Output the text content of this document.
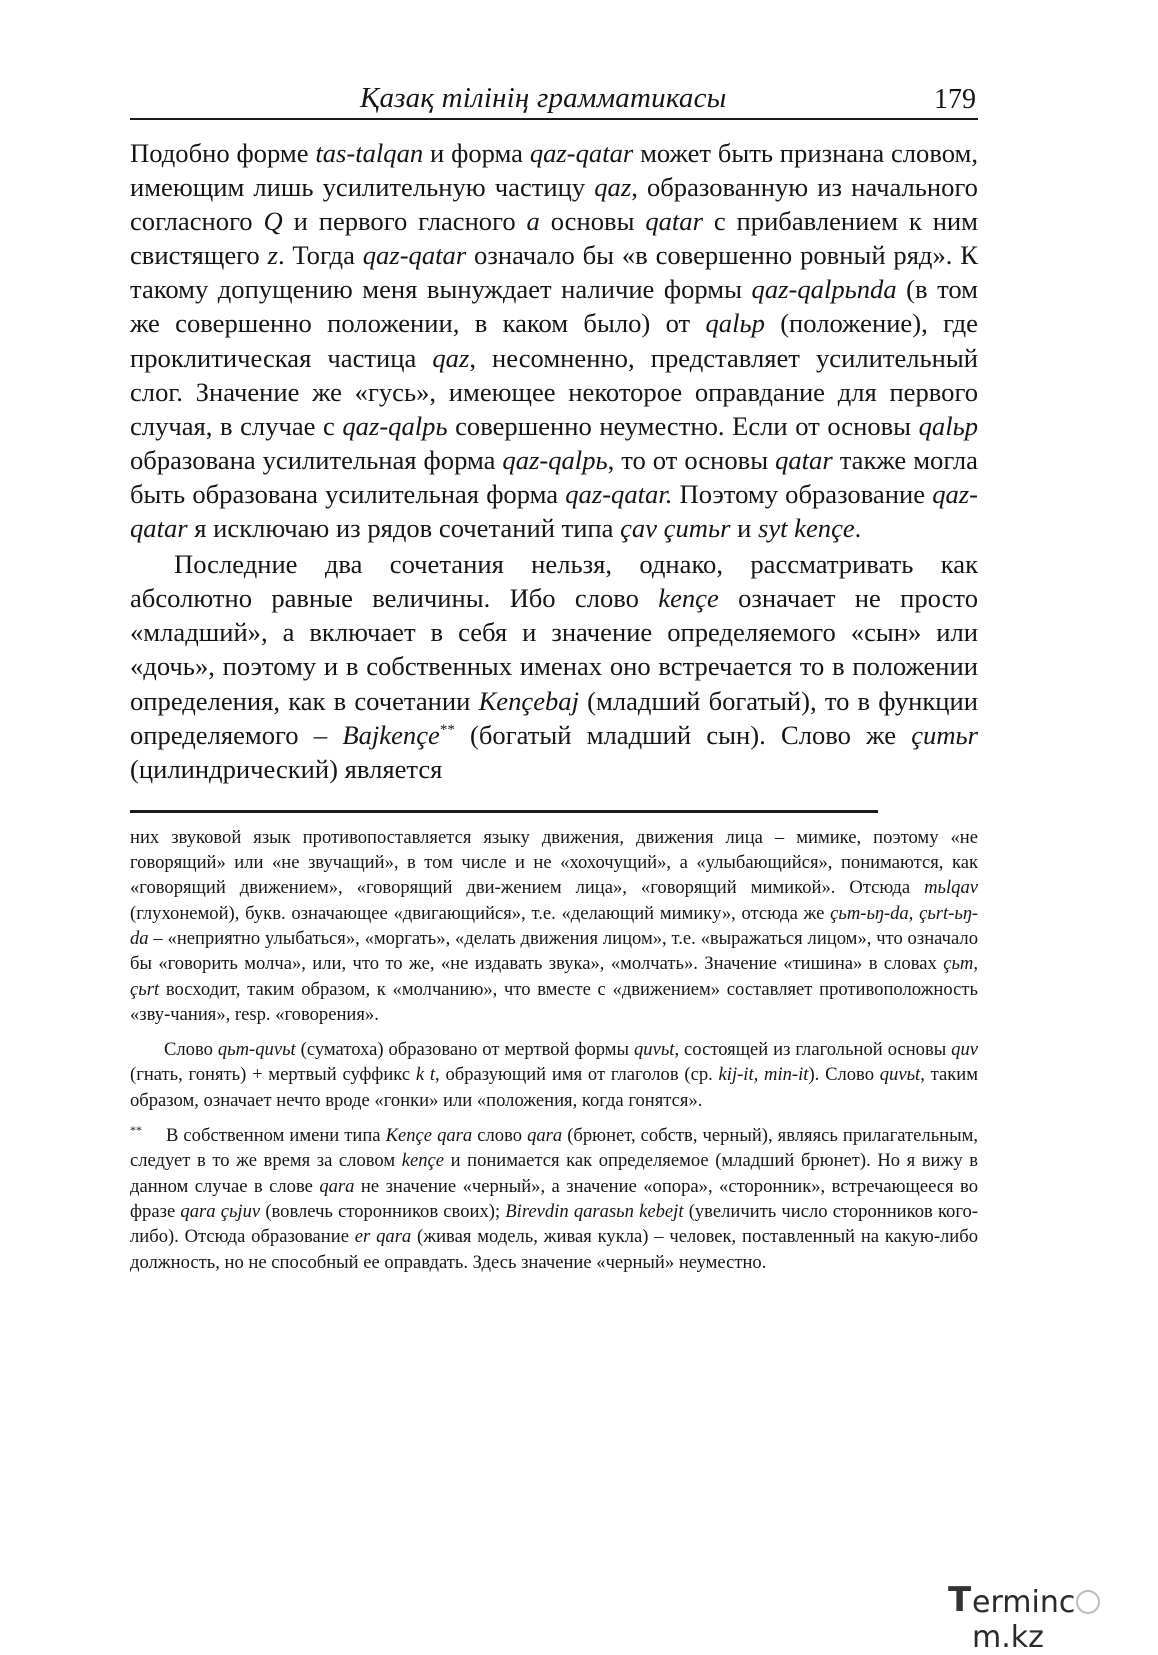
Қазақ тілінің грамматикасы	179

Подобно форме tas-talqan и форма qaz-qatar может быть признана словом, имеющим лишь усилительную частицу qaz, образованную из начального согласного Q и первого гласного a основы qatar с прибавлением к ним свистящего z. Тогда qaz-qatar означало бы «в совершенно ровный ряд». К такому допущению меня вынуждает наличие формы qaz-qalpьnda (в том же совершенно положении, в каком было) от qalьp (положение), где проклитическая частица qaz, несомненно, представляет усилительный слог. Значение же «гусь», имеющее некоторое оправдание для первого случая, в случае с qaz-qalpь совершенно неуместно. Если от основы qalьp образована усилительная форма qaz-qalpь, то от основы qatar также могла быть образована усилительная форма qaz-qatar. Поэтому образование qaz-qatar я исключаю из рядов сочетаний типа çav çumьr и syt kençe.

Последние два сочетания нельзя, однако, рассматривать как абсолютно равные величины. Ибо слово kençe означает не просто «младший», а включает в себя и значение определяемого «сын» или «дочь», поэтому и в собственных именах оно встречается то в положении определения, как в сочетании Kençebaj (младший богатый), то в функции определяемого – Bajkençe** (богатый младший сын). Слово же çumьr (цилиндрический) является

них звуковой язык противопоставляется языку движения, движения лица – мимике, поэтому «не говорящий» или «не звучащий», в том числе и не «хохочущий», а «улыбающийся», понимаются, как «говорящий движением», «говорящий дви-жением лица», «говорящий мимикой». Отсюда mьlqav (глухонемой), букв. означающее «двигающийся», т.е. «делающий мимику», отсюда же çьm-ьŋ-da, çьrt-ьŋ-da – «неприятно улыбаться», «моргать», «делать движения лицом», т.е. «выражаться лицом», что означало бы «говорить молча», или, что то же, «не издавать звука», «молчать». Значение «тишина» в словах çьm, çьrt восходит, таким образом, к «молчанию», что вместе с «движением» составляет противоположность «зву-чания», resp. «говорения».

Слово qьm-quvьt (суматоха) образовано от мертвой формы quvьt, состоящей из глагольной основы quv (гнать, гонять) + мертвый суффикс k t, образующий имя от глаголов (ср. kij-it, min-it). Слово quvьt, таким образом, означает нечто вроде «гонки» или «положения, когда гонятся».

** В собственном имени типа Kençe qara слово qara (брюнет, собств, черный), являясь прилагательным, следует в то же время за словом kençe и понимается как определяемое (младший брюнет). Но я вижу в данном случае в слове qara не значение «черный», а значение «опора», «сторонник», встречающееся во фразе qara çьjuv (вовлечь сторонников своих); Birevdin qarasьn kebejt (увеличить число сторонников кого-либо). Отсюда образование er qara (живая модель, живая кукла) – человек, поставленный на какую-либо должность, но не способный ее оправдать. Здесь значение «черный» неуместно.

T ermincm.kz
